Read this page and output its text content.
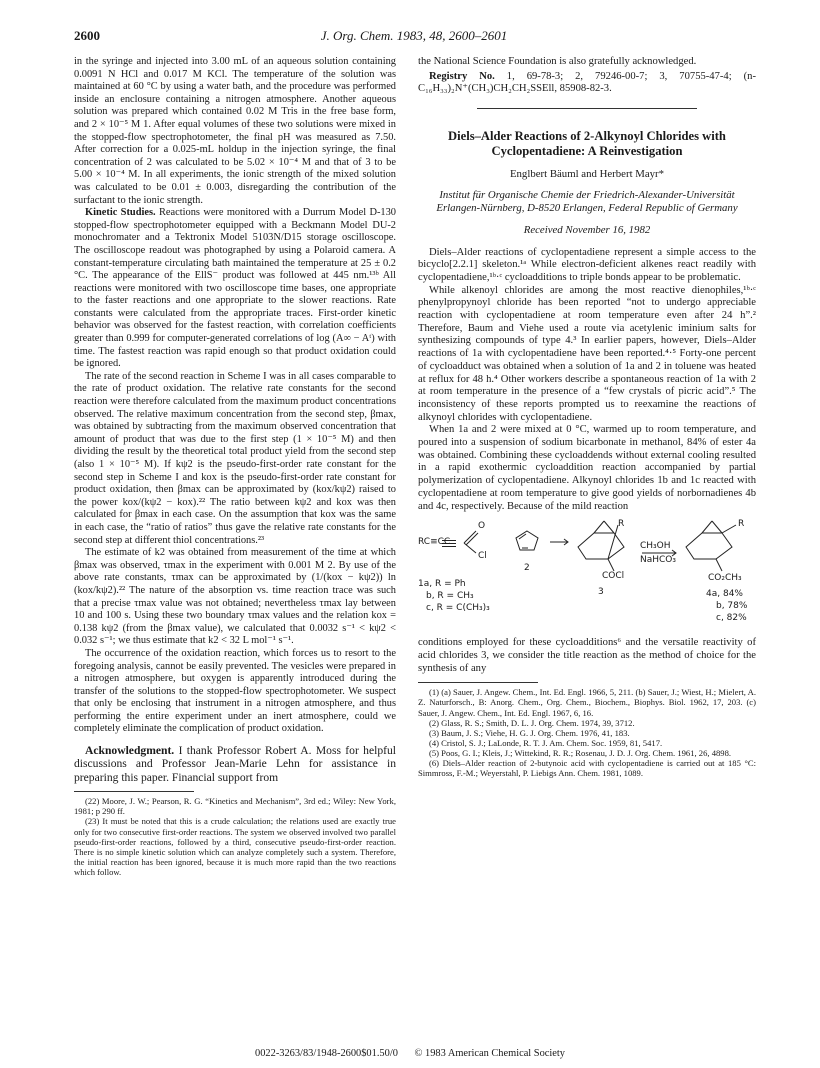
2600	J. Org. Chem. 1983, 48, 2600–2601

in the syringe and injected into 3.00 mL of an aqueous solution containing 0.0091 N HCl and 0.017 M KCl. The temperature of the solution was maintained at 60 °C by using a water bath, and the procedure was performed inside an enclosure containing a nitrogen atmosphere. Another aqueous solution was prepared which contained 0.02 M Tris in the free base form, and 2 × 10⁻⁵ M 1. After equal volumes of these two solutions were mixed in the stopped-flow spectrophotometer, the final pH was measured as 7.50. After correction for a 0.025-mL holdup in the injection syringe, the final concentration of 2 was calculated to be 5.02 × 10⁻⁴ M and that of 3 to be 5.00 × 10⁻⁴ M. In all experiments, the ionic strength of the mixed solution was calculated to be 0.01 ± 0.003, disregarding the contribution of the surfactant to the ionic strength.

Kinetic Studies. Reactions were monitored with a Durrum Model D-130 stopped-flow spectrophotometer equipped with a Beckmann Model DU-2 monochromater and a Tektronix Model 5103N/D15 storage oscilloscope. The oscilloscope readout was photographed by using a Polaroid camera. A constant-temperature circulating bath maintained the temperature at 25 ± 0.2 °C. The appearance of the EllS⁻ product was followed at 445 nm.¹³ᵇ All reactions were monitored with two oscilloscope time bases, one appropriate to the faster reactions and one appropriate to the slower reactions. Rate constants were calculated from the appropriate traces. First-order kinetic behavior was observed for the fastest reaction, with correlation coefficients greater than 0.999 for computer-generated correlations of log (A∞ − Aᵗ) with time. The fastest reaction was rapid enough so that product oxidation could be ignored.

The rate of the second reaction in Scheme I was in all cases comparable to the rate of product oxidation. The relative rate constants for the second reaction were therefore calculated from the maximum product concentrations observed. The relative maximum concentration from the second step, βmax, was obtained by subtracting from the maximum observed concentration that amount of product that was due to the first step (1 × 10⁻⁵ M) and then dividing the result by the theoretical total product yield from the second step (also 1 × 10⁻⁵ M). If kψ2 is the pseudo-first-order rate constant for the second step in Scheme I and kox is the pseudo-first-order rate constant for product oxidation, then βmax can be approximated by (kox/kψ2) raised to the power kox/(kψ2 − kox).²² The ratio between kψ2 and kox was then calculated for βmax in each case. On the assumption that kox was the same in each case, the “ratio of ratios” thus gave the relative rate constants for the second step at different thiol concentrations.²³

The estimate of k2 was obtained from measurement of the time at which βmax was observed, τmax in the experiment with 0.001 M 2. By use of the above rate constants, τmax can be approximated by (1/(kox − kψ2)) ln (kox/kψ2).²² The nature of the absorption vs. time reaction trace was such that a precise τmax value was not obtained; nevertheless τmax lay between 10 and 100 s. Using these two boundary τmax values and the relation kox = 0.138 kψ2 (from the βmax value), we calculated that 0.0032 s⁻¹ < kψ2 < 0.032 s⁻¹; we thus estimate that k2 < 32 L mol⁻¹ s⁻¹.

The occurrence of the oxidation reaction, which forces us to resort to the foregoing analysis, cannot be easily prevented. The vesicles were prepared in a nitrogen atmosphere, but oxygen is apparently introduced during the transfer of the solutions to the stopped-flow spectrophotometer. We suspect that only be enclosing that instrument in a nitrogen atmosphere, and thus performing the entire experiment under an inert atmosphere, could we completely eliminate the complication of product oxidation.

Acknowledgment. I thank Professor Robert A. Moss for helpful discussions and Professor Jean-Marie Lehn for assistance in preparing this paper. Financial support from

(22) Moore, J. W.; Pearson, R. G. “Kinetics and Mechanism”, 3rd ed.; Wiley: New York, 1981; p 290 ff.

(23) It must be noted that this is a crude calculation; the relations used are exactly true only for two consecutive first-order reactions. The system we observed involved two parallel pseudo-first-order reactions, followed by a third, consecutive pseudo-first-order reaction. There is no simple kinetic solution which can analyze completely such a system. Therefore, the initial reaction has been ignored, because it is much more rapid than the two reactions which follow.

the National Science Foundation is also gratefully acknowledged.

Registry No. 1, 69-78-3; 2, 79246-00-7; 3, 70755-47-4; (n-C₁₆H₃₃)₂N⁺(CH₃)CH₂CH₂SSEll, 85908-82-3.

Diels–Alder Reactions of 2-Alkynoyl Chlorides with Cyclopentadiene: A Reinvestigation

Englbert Bäuml and Herbert Mayr*

Institut für Organische Chemie der Friedrich-Alexander-Universität Erlangen-Nürnberg, D-8520 Erlangen, Federal Republic of Germany

Received November 16, 1982

Diels–Alder reactions of cyclopentadiene represent a simple access to the bicyclo[2.2.1] skeleton.¹ᵃ While electron-deficient alkenes react readily with cyclopentadiene,¹ᵇ·ᶜ cycloadditions to triple bonds appear to be problematic.

While alkenoyl chlorides are among the most reactive dienophiles,¹ᵇ·ᶜ phenylpropynoyl chloride has been reported “not to undergo appreciable reaction with cyclopentadiene at room temperature even after 24 h”.² Therefore, Baum and Viehe used a route via acetylenic iminium salts for synthesizing compounds of type 4.³ In earlier papers, however, Diels–Alder reactions of 1a with cyclopentadiene have been reported.⁴·⁵ Forty-one percent of cycloadduct was obtained when a solution of 1a and 2 in toluene was heated at reflux for 48 h.⁴ Other workers describe a spontaneous reaction of 1a with 2 at room temperature in the presence of a “few crystals of picric acid”.⁵ The inconsistency of these reports prompted us to reexamine the reactions of alkynoyl chlorides with cyclopentadiene.

When 1a and 2 were mixed at 0 °C, warmed up to room temperature, and poured into a suspension of sodium bicarbonate in methanol, 84% of ester 4a was obtained. Combining these cycloaddends without external cooling resulted in a rapid exothermic cycloaddition reaction accompanied by partial polymerization of cyclopentadiene. Alkynoyl chlorides 1b and 1c reacted with cyclopentadiene at room temperature to give good yields of norbornadienes 4b and 4c, respectively. Because of the mild reaction

RC≡CC
O
Cl
2
R
COCl
CH₃OH
NaHCO₃
R
CO₂CH₃
1a, R = Ph
b, R = CH₃
c, R = C(CH₃)₃
3	4a, 84%
b, 78%
c, 82%

conditions employed for these cycloadditions⁶ and the versatile reactivity of acid chlorides 3, we consider the title reaction as the method of choice for the synthesis of any

(1) (a) Sauer, J. Angew. Chem., Int. Ed. Engl. 1966, 5, 211. (b) Sauer, J.; Wiest, H.; Mielert, A. Z. Naturforsch., B: Anorg. Chem., Org. Chem., Biochem., Biophys. Biol. 1962, 17, 203. (c) Sauer, J. Angew. Chem., Int. Ed. Engl. 1967, 6, 16.

(2) Glass, R. S.; Smith, D. L. J. Org. Chem. 1974, 39, 3712.

(3) Baum, J. S.; Viehe, H. G. J. Org. Chem. 1976, 41, 183.

(4) Cristol, S. J.; LaLonde, R. T. J. Am. Chem. Soc. 1959, 81, 5417.

(5) Poos, G. I.; Kleis, J.; Wittekind, R. R.; Rosenau, J. D. J. Org. Chem. 1961, 26, 4898.

(6) Diels–Alder reaction of 2-butynoic acid with cyclopentadiene is carried out at 185 °C: Simmross, F.-M.; Weyerstahl, P. Liebigs Ann. Chem. 1981, 1089.

0022-3263/83/1948-2600$01.50/0 © 1983 American Chemical Society
